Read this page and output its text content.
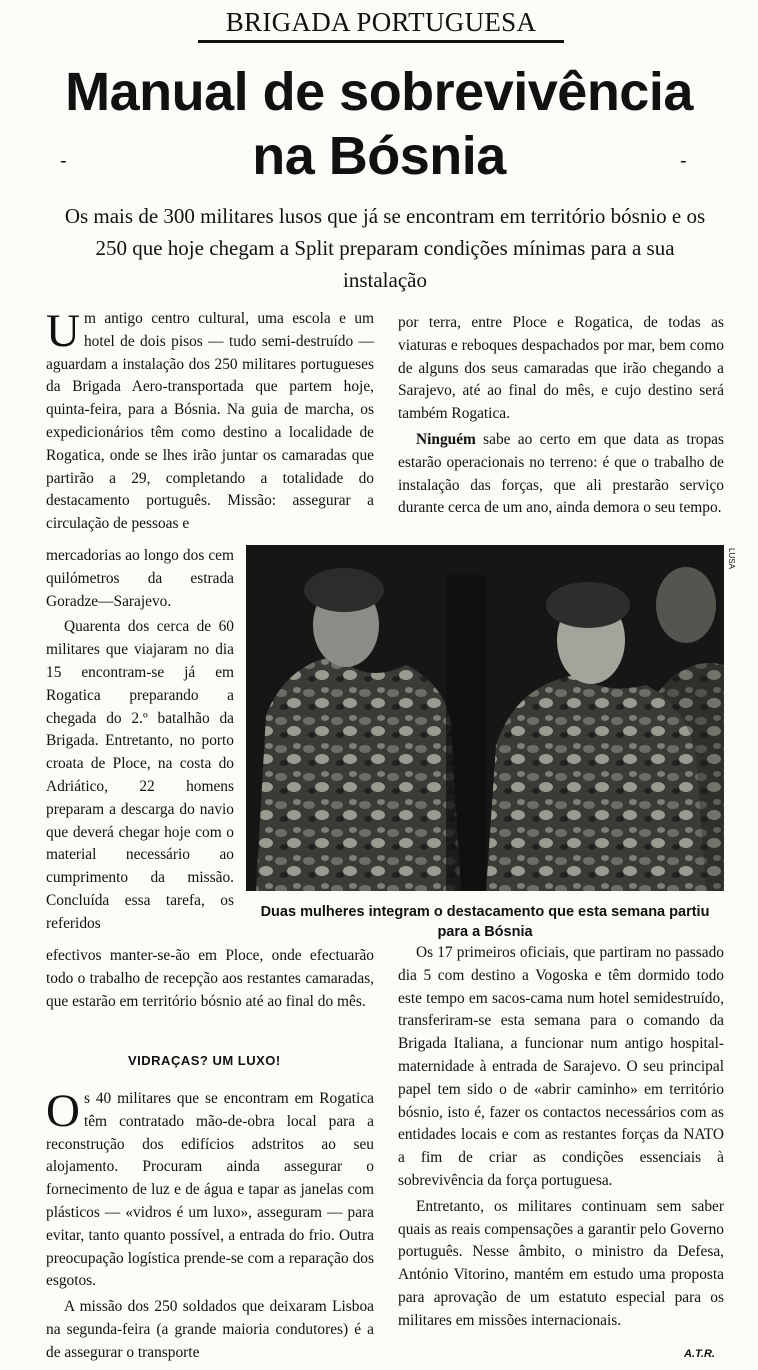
BRIGADA PORTUGUESA
Manual de sobrevivência
na Bósnia
-	-
Os mais de 300 militares lusos que já se encontram em território bósnio e os 250 que hoje chegam a Split preparam condições mínimas para a sua instalação

Um antigo centro cultural, uma escola e um hotel de dois pisos — tudo semi-destruído — aguardam a instalação dos 250 militares portugueses da Brigada Aero-transportada que partem hoje, quinta-feira, para a Bósnia. Na guia de marcha, os expedicionários têm como destino a localidade de Rogatica, onde se lhes irão juntar os camaradas que partirão a 29, completando a totalidade do destacamento português. Missão: assegurar a circulação de pessoas e

mercadorias ao longo dos cem quilómetros da estrada Goradze—Sarajevo.

Quarenta dos cerca de 60 militares que viajaram no dia 15 encontram-se já em Rogatica preparando a chegada do 2.º batalhão da Brigada. Entretanto, no porto croata de Ploce, na costa do Adriático, 22 homens preparam a descarga do navio que deverá chegar hoje com o material necessário ao cumprimento da missão. Concluída essa tarefa, os referidos

efectivos manter-se-ão em Ploce, onde efectuarão todo o trabalho de recepção aos restantes camaradas, que estarão em território bósnio até ao final do mês.

VIDRAÇAS? UM LUXO!

Os 40 militares que se encontram em Rogatica têm contratado mão-de-obra local para a reconstrução dos edifícios adstritos ao seu alojamento. Procuram ainda assegurar o fornecimento de luz e de água e tapar as janelas com plásticos — «vidros é um luxo», asseguram — para evitar, tanto quanto possível, a entrada do frio. Outra preocupação logística prende-se com a reparação dos esgotos.

A missão dos 250 soldados que deixaram Lisboa na segunda-feira (a grande maioria condutores) é a de assegurar o transporte

por terra, entre Ploce e Rogatica, de todas as viaturas e reboques despachados por mar, bem como de alguns dos seus camaradas que irão chegando a Sarajevo, até ao final do mês, e cujo destino será também Rogatica.

Ninguém sabe ao certo em que data as tropas estarão operacionais no terreno: é que o trabalho de instalação das forças, que ali prestarão serviço durante cerca de um ano, ainda demora o seu tempo.

LUSA
Duas mulheres integram o destacamento que esta semana partiu para a Bósnia

Os 17 primeiros oficiais, que partiram no passado dia 5 com destino a Vogoska e têm dormido todo este tempo em sacos-cama num hotel semidestruído, transferiram-se esta semana para o comando da Brigada Italiana, a funcionar num antigo hospital-maternidade à entrada de Sarajevo. O seu principal papel tem sido o de «abrir caminho» em território bósnio, isto é, fazer os contactos necessários com as entidades locais e com as restantes forças da NATO a fim de criar as condições essenciais à sobrevivência da força portuguesa.

Entretanto, os militares continuam sem saber quais as reais compensações a garantir pelo Governo português. Nesse âmbito, o ministro da Defesa, António Vitorino, mantém em estudo uma proposta para aprovação de um estatuto especial para os militares em missões internacionais.

A.T.R.
